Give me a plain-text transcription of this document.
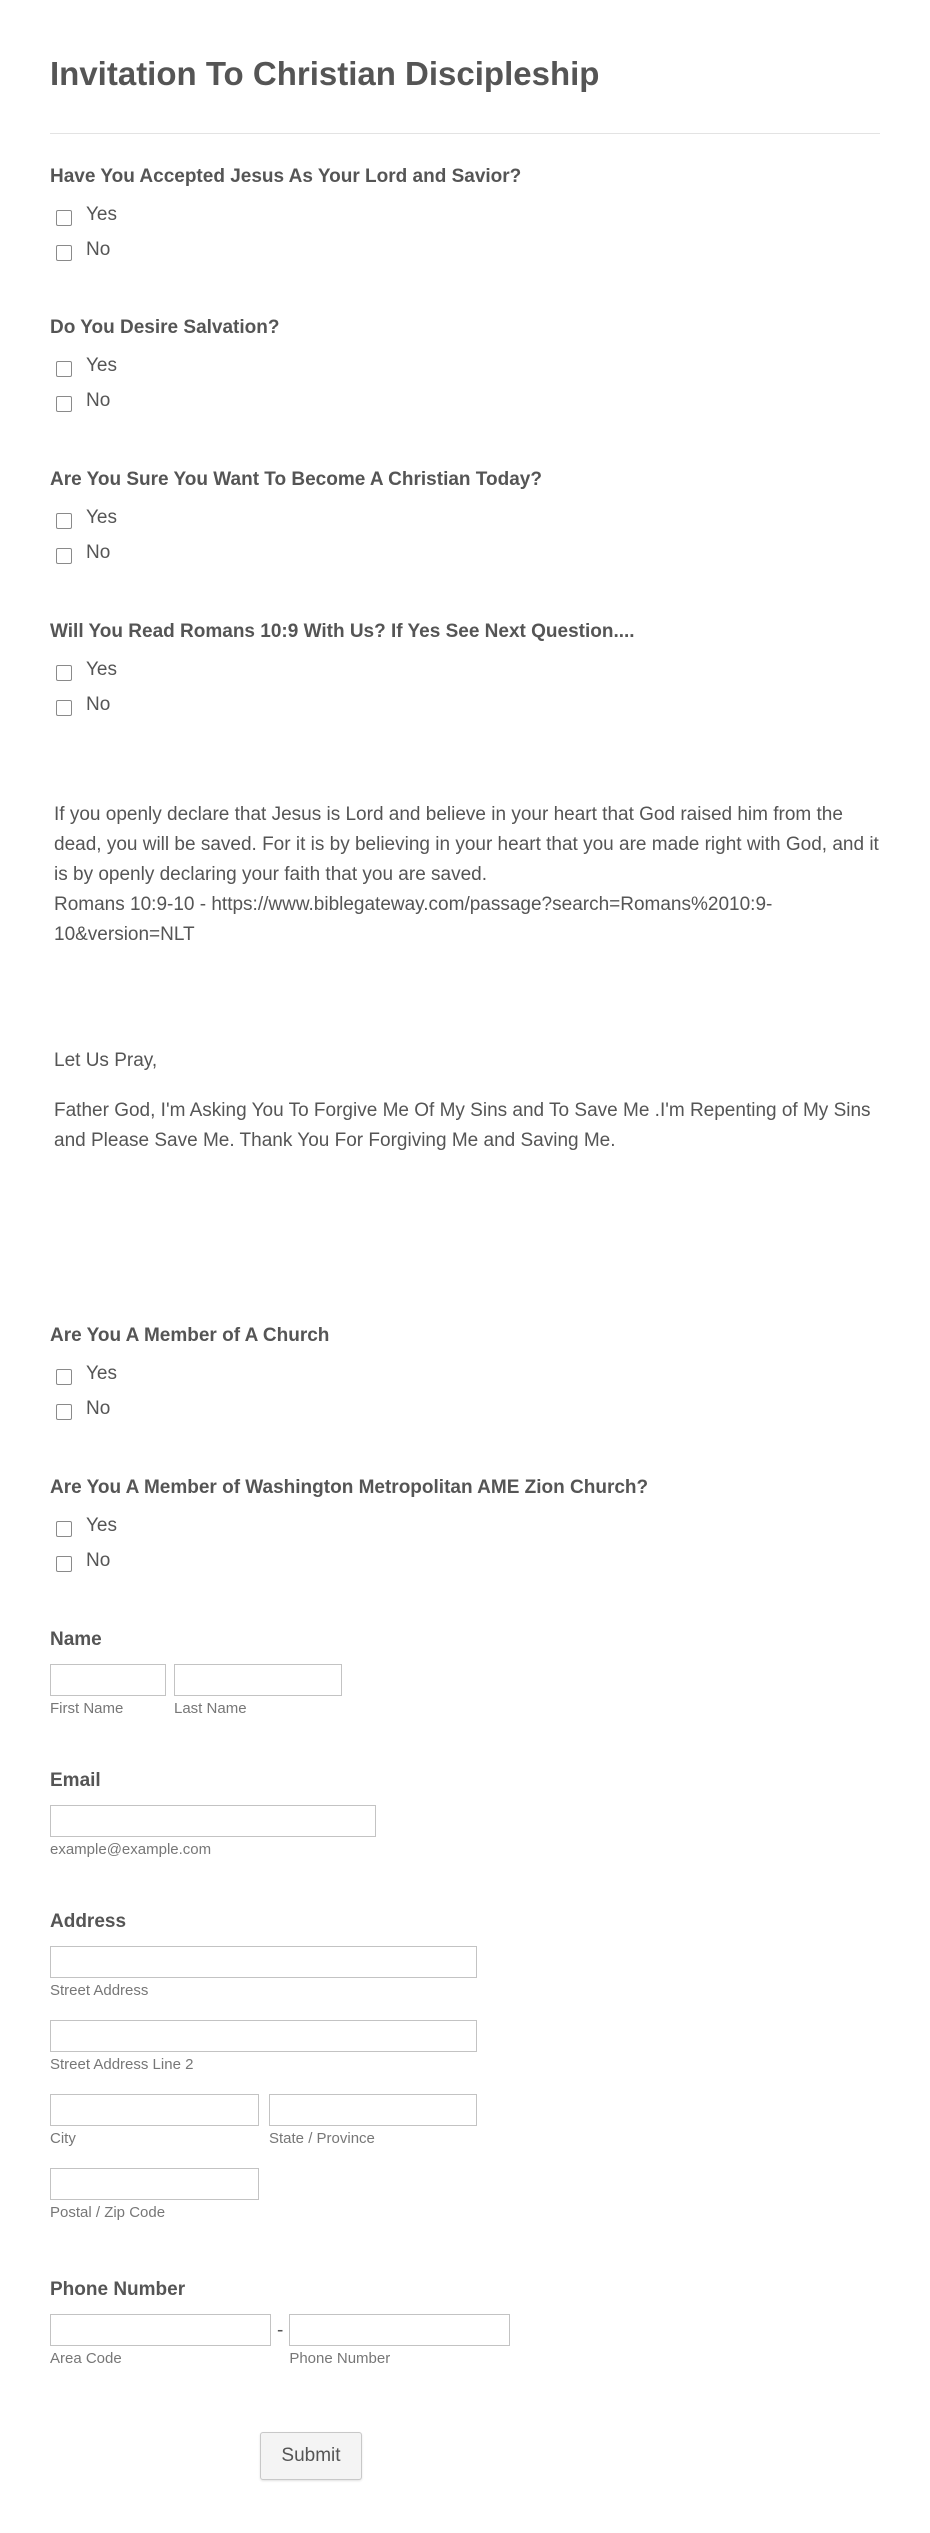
Invitation To Christian Discipleship

Have You Accepted Jesus As Your Lord and Savior?

Yes
No

Do You Desire Salvation?

Yes
No

Are You Sure You Want To Become A Christian Today?

Yes
No

Will You Read Romans 10:9 With Us? If Yes See Next Question....

Yes
No
If you openly declare that Jesus is Lord and believe in your heart that God raised him from the dead, you will be saved. For it is by believing in your heart that you are made right with God, and it is by openly declaring your faith that you are saved.
Romans 10:9-10 - https://www.biblegateway.com/passage?search=Romans%2010:9-10&version=NLT
Let Us Pray,
Father God, I'm Asking You To Forgive Me Of My Sins and To Save Me .I'm Repenting of My Sins and Please Save Me. Thank You For Forgiving Me and Saving Me.

Are You A Member of A Church

Yes
No

Are You A Member of Washington Metropolitan AME Zion Church?

Yes
No

Name

First Name	Last Name

Email

example@example.com

Address

Street Address
Street Address Line 2
City	State / Province
Postal / Zip Code

Phone Number

Area Code
-
Phone Number
Submit
